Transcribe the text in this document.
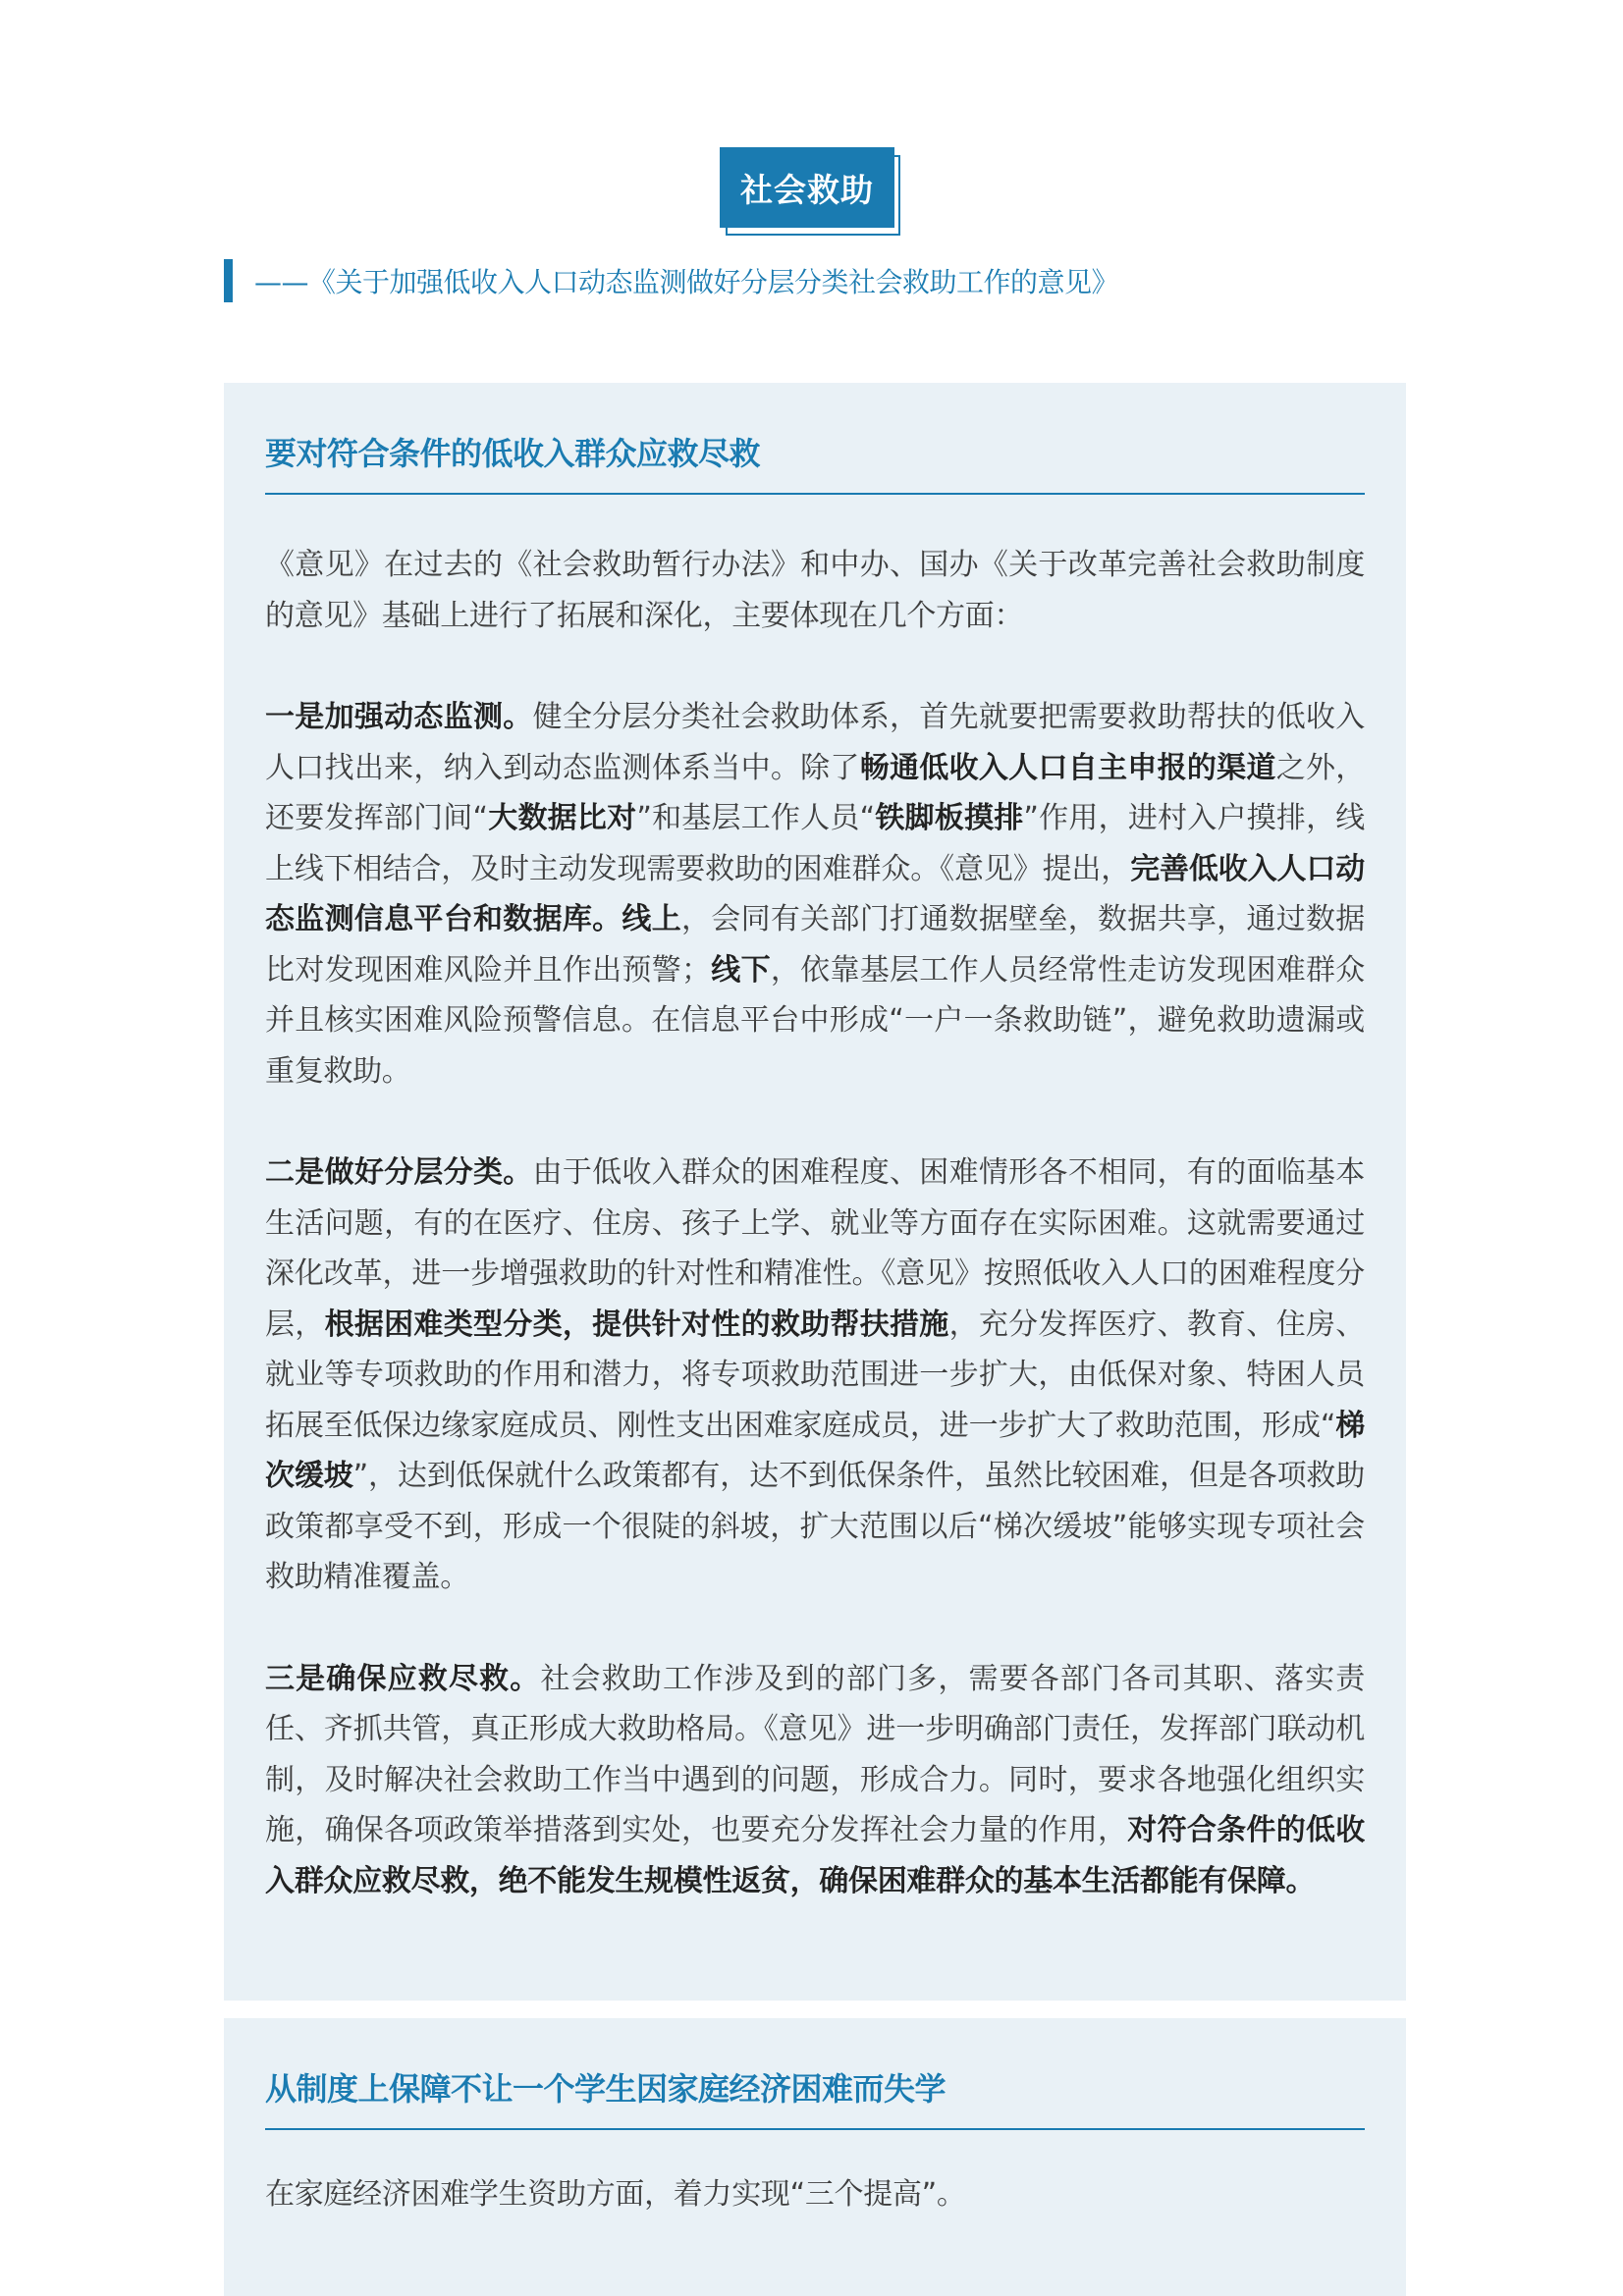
社会救助
——《关于加强低收入人口动态监测做好分层分类社会救助工作的意见》
要对符合条件的低收入群众应救尽救

《意见》在过去的《社会救助暂行办法》和中办、国办《关于改革完善社会救助制度的意见》基础上进行了拓展和深化，主要体现在几个方面：

一是加强动态监测。健全分层分类社会救助体系，首先就要把需要救助帮扶的低收入人口找出来，纳入到动态监测体系当中。除了畅通低收入人口自主申报的渠道之外，还要发挥部门间“大数据比对”和基层工作人员“铁脚板摸排”作用，进村入户摸排，线上线下相结合，及时主动发现需要救助的困难群众。《意见》提出，完善低收入人口动态监测信息平台和数据库。线上，会同有关部门打通数据壁垒，数据共享，通过数据比对发现困难风险并且作出预警；线下，依靠基层工作人员经常性走访发现困难群众并且核实困难风险预警信息。在信息平台中形成“一户一条救助链”，避免救助遗漏或重复救助。

二是做好分层分类。由于低收入群众的困难程度、困难情形各不相同，有的面临基本生活问题，有的在医疗、住房、孩子上学、就业等方面存在实际困难。这就需要通过深化改革，进一步增强救助的针对性和精准性。《意见》按照低收入人口的困难程度分层，根据困难类型分类，提供针对性的救助帮扶措施，充分发挥医疗、教育、住房、就业等专项救助的作用和潜力，将专项救助范围进一步扩大，由低保对象、特困人员拓展至低保边缘家庭成员、刚性支出困难家庭成员，进一步扩大了救助范围，形成“梯次缓坡”，达到低保就什么政策都有，达不到低保条件，虽然比较困难，但是各项救助政策都享受不到，形成一个很陡的斜坡，扩大范围以后“梯次缓坡”能够实现专项社会救助精准覆盖。

三是确保应救尽救。社会救助工作涉及到的部门多，需要各部门各司其职、落实责任、齐抓共管，真正形成大救助格局。《意见》进一步明确部门责任，发挥部门联动机制，及时解决社会救助工作当中遇到的问题，形成合力。同时，要求各地强化组织实施，确保各项政策举措落到实处，也要充分发挥社会力量的作用，对符合条件的低收入群众应救尽救，绝不能发生规模性返贫，确保困难群众的基本生活都能有保障。

从制度上保障不让一个学生因家庭经济困难而失学

在家庭经济困难学生资助方面，着力实现“三个提高”。
